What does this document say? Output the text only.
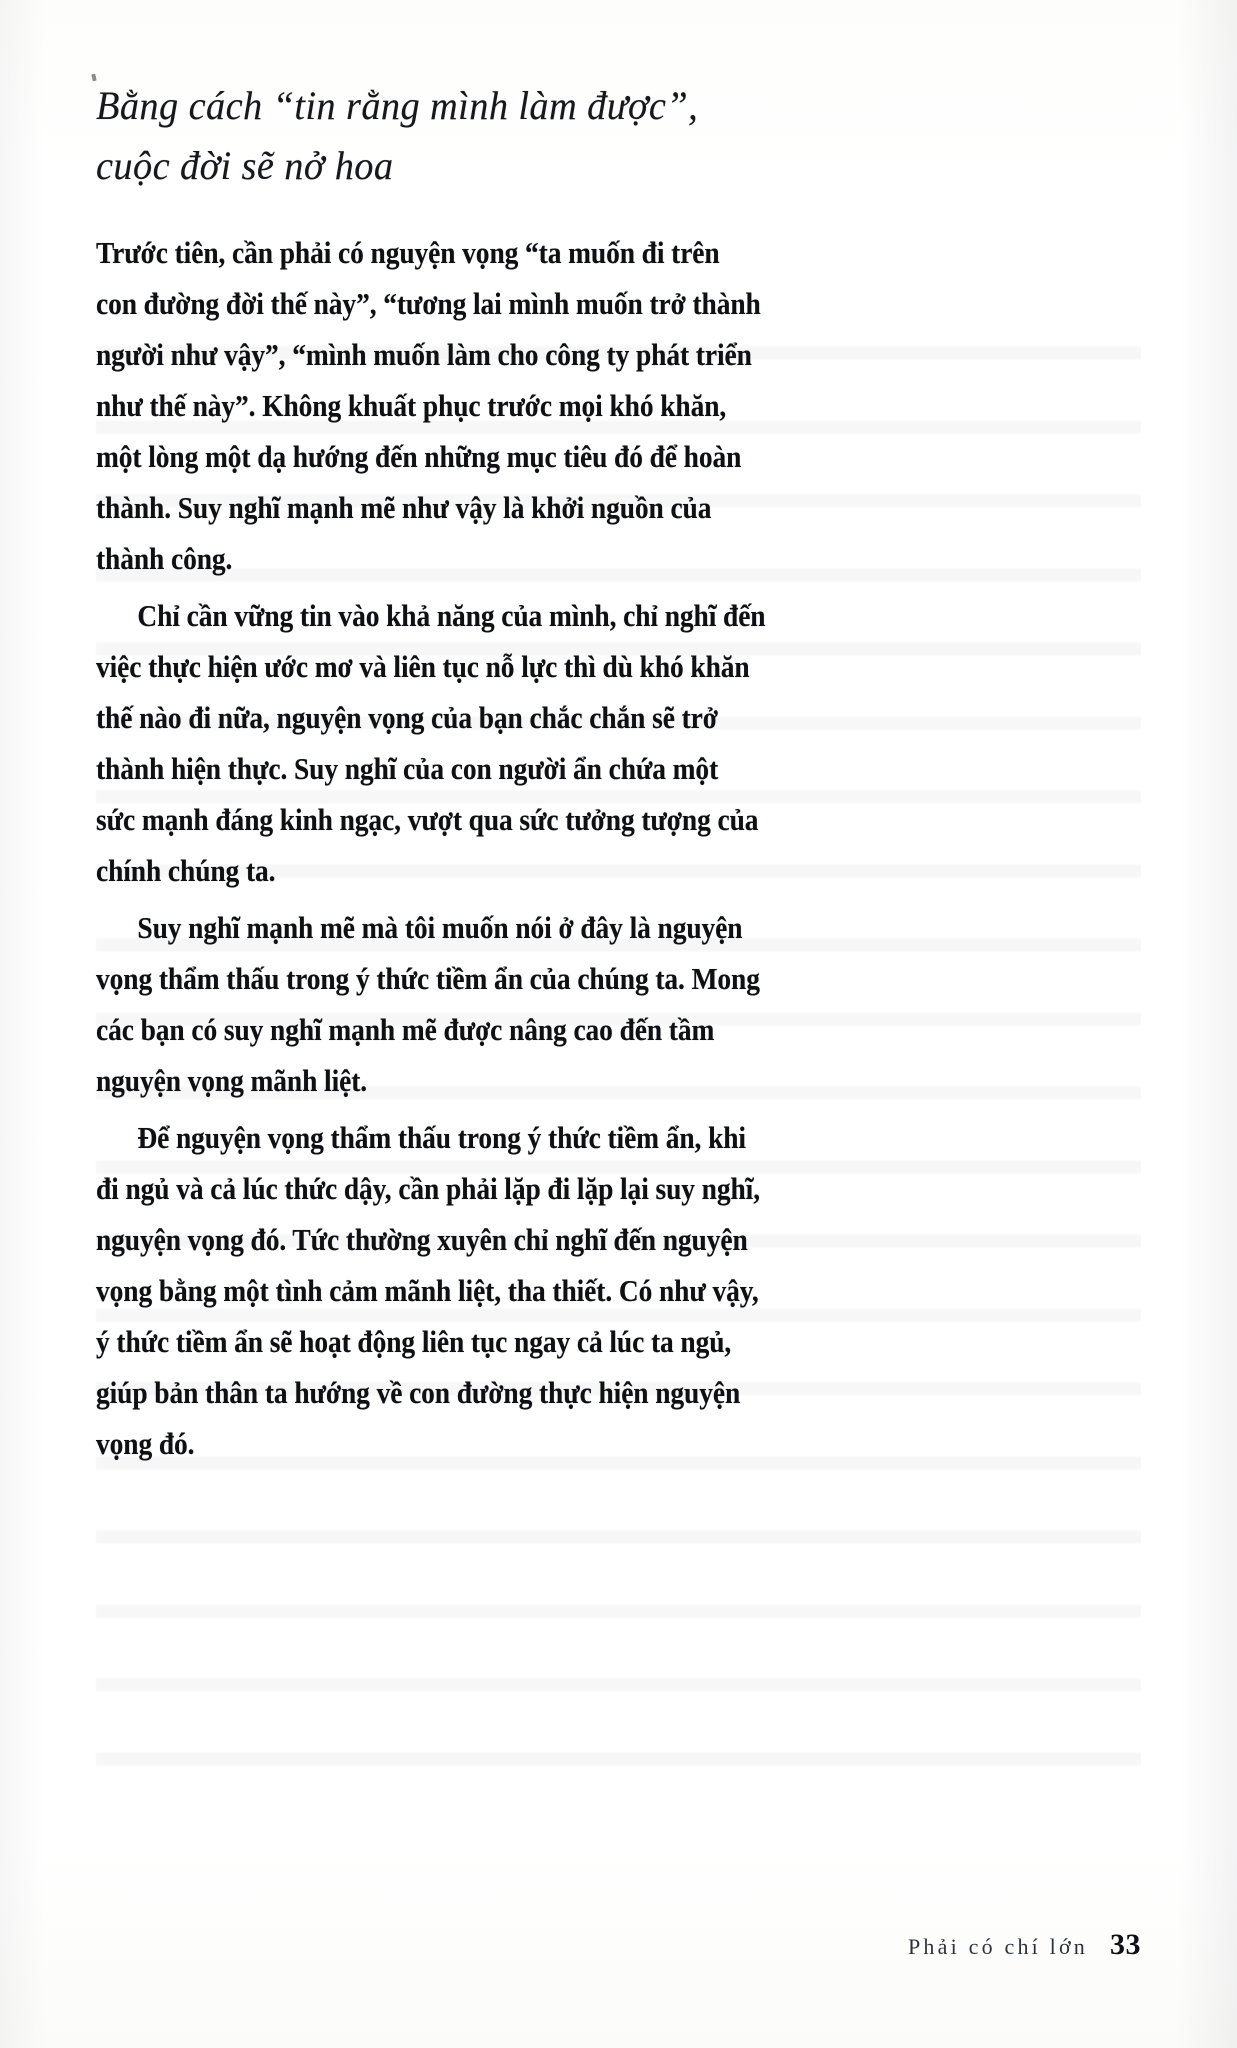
Bằng cách “tin rằng mình làm được”,
cuộc đời sẽ nở hoa

Trước tiên, cần phải có nguyện vọng “ta muốn đi trên
con đường đời thế này”, “tương lai mình muốn trở thành
người như vậy”, “mình muốn làm cho công ty phát triển
như thế này”. Không khuất phục trước mọi khó khăn,
một lòng một dạ hướng đến những mục tiêu đó để hoàn
thành. Suy nghĩ mạnh mẽ như vậy là khởi nguồn của
thành công.

Chỉ cần vững tin vào khả năng của mình, chỉ nghĩ đến
việc thực hiện ước mơ và liên tục nỗ lực thì dù khó khăn
thế nào đi nữa, nguyện vọng của bạn chắc chắn sẽ trở
thành hiện thực. Suy nghĩ của con người ẩn chứa một
sức mạnh đáng kinh ngạc, vượt qua sức tưởng tượng của
chính chúng ta.

Suy nghĩ mạnh mẽ mà tôi muốn nói ở đây là nguyện
vọng thẩm thấu trong ý thức tiềm ẩn của chúng ta. Mong
các bạn có suy nghĩ mạnh mẽ được nâng cao đến tầm
nguyện vọng mãnh liệt.

Để nguyện vọng thẩm thấu trong ý thức tiềm ẩn, khi
đi ngủ và cả lúc thức dậy, cần phải lặp đi lặp lại suy nghĩ,
nguyện vọng đó. Tức thường xuyên chỉ nghĩ đến nguyện
vọng bằng một tình cảm mãnh liệt, tha thiết. Có như vậy,
ý thức tiềm ẩn sẽ hoạt động liên tục ngay cả lúc ta ngủ,
giúp bản thân ta hướng về con đường thực hiện nguyện
vọng đó.

Phải có chí lớn 33
